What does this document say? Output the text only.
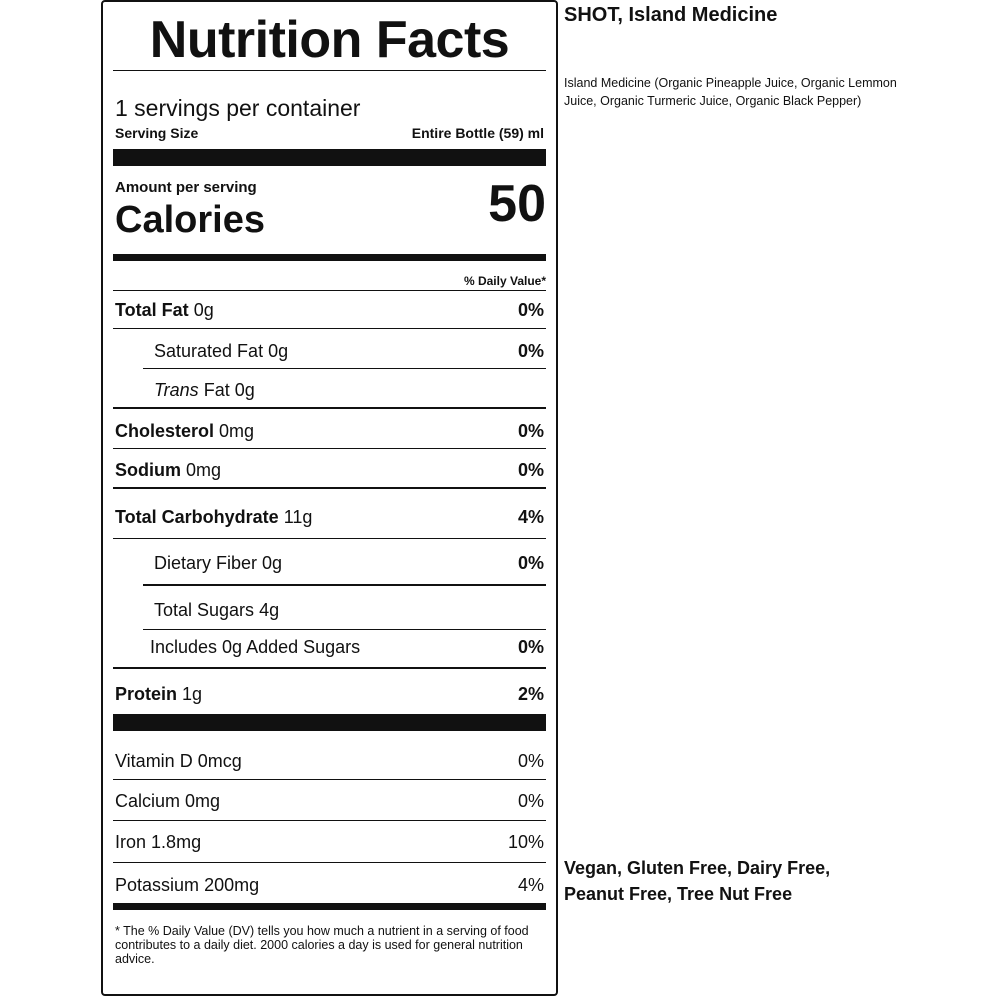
Nutrition Facts
1 servings per container
Serving Size	Entire Bottle (59) ml
Amount per serving
Calories	50
% Daily Value*
Total Fat 0g	0%
Saturated Fat 0g	0%
Trans Fat 0g
Cholesterol 0mg	0%
Sodium 0mg	0%
Total Carbohydrate 11g	4%
Dietary Fiber 0g	0%
Total Sugars 4g
Includes 0g Added Sugars	0%
Protein 1g	2%
Vitamin D 0mcg	0%
Calcium 0mg	0%
Iron 1.8mg	10%
Potassium 200mg	4%
* The % Daily Value (DV) tells you how much a nutrient in a serving of food contributes to a daily diet. 2000 calories a day is used for general nutrition advice.
SHOT, Island Medicine
Island Medicine (Organic Pineapple Juice, Organic Lemmon Juice, Organic Turmeric Juice, Organic Black Pepper)
Vegan, Gluten Free, Dairy Free, Peanut Free, Tree Nut Free
